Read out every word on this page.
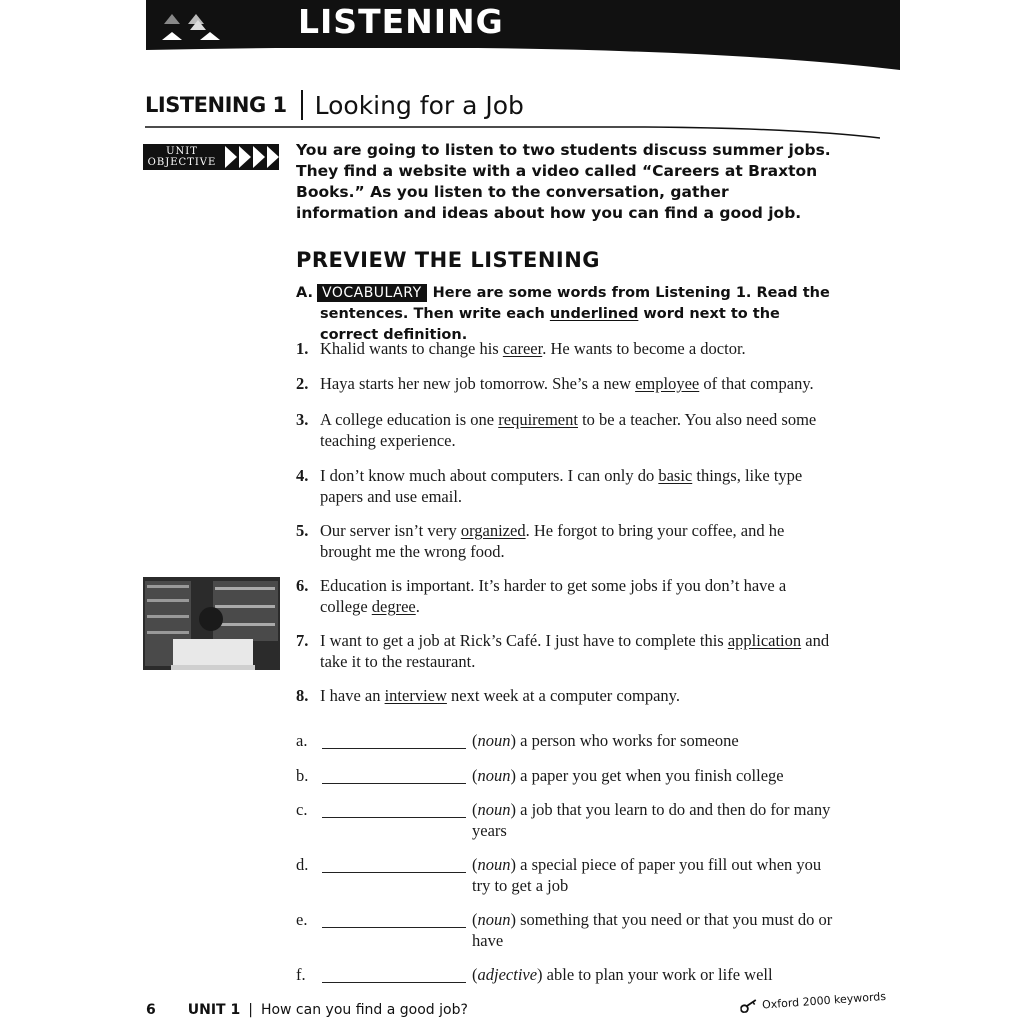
LISTENING
LISTENING 1 Looking for a Job
UNIT
OBJECTIVE
You are going to listen to two students discuss summer jobs. They find a website with a video called “Careers at Braxton Books.” As you listen to the conversation, gather information and ideas about how you can find a good job.
PREVIEW THE LISTENING
A. VOCABULARY Here are some words from Listening 1. Read the
sentences. Then write each underlined word next to the correct definition.
1. Khalid wants to change his career. He wants to become a doctor.
2. Haya starts her new job tomorrow. She’s a new employee of that company.
3. A college education is one requirement to be a teacher. You also need some teaching experience.
4. I don’t know much about computers. I can only do basic things, like type papers and use email.
5. Our server isn’t very organized. He forgot to bring your coffee, and he brought me the wrong food.
6. Education is important. It’s harder to get some jobs if you don’t have a college degree.
7. I want to get a job at Rick’s Café. I just have to complete this application and take it to the restaurant.
8. I have an interview next week at a computer company.
a.	(noun) a person who works for someone
b.	(noun) a paper you get when you finish college
c.	(noun) a job that you learn to do and then do for many years
d.	(noun) a special piece of paper you fill out when you try to get a job
e.	(noun) something that you need or that you must do or have
f.	(adjective) able to plan your work or life well
6 UNIT 1 | How can you find a good job?	Oxford 2000 keywords
